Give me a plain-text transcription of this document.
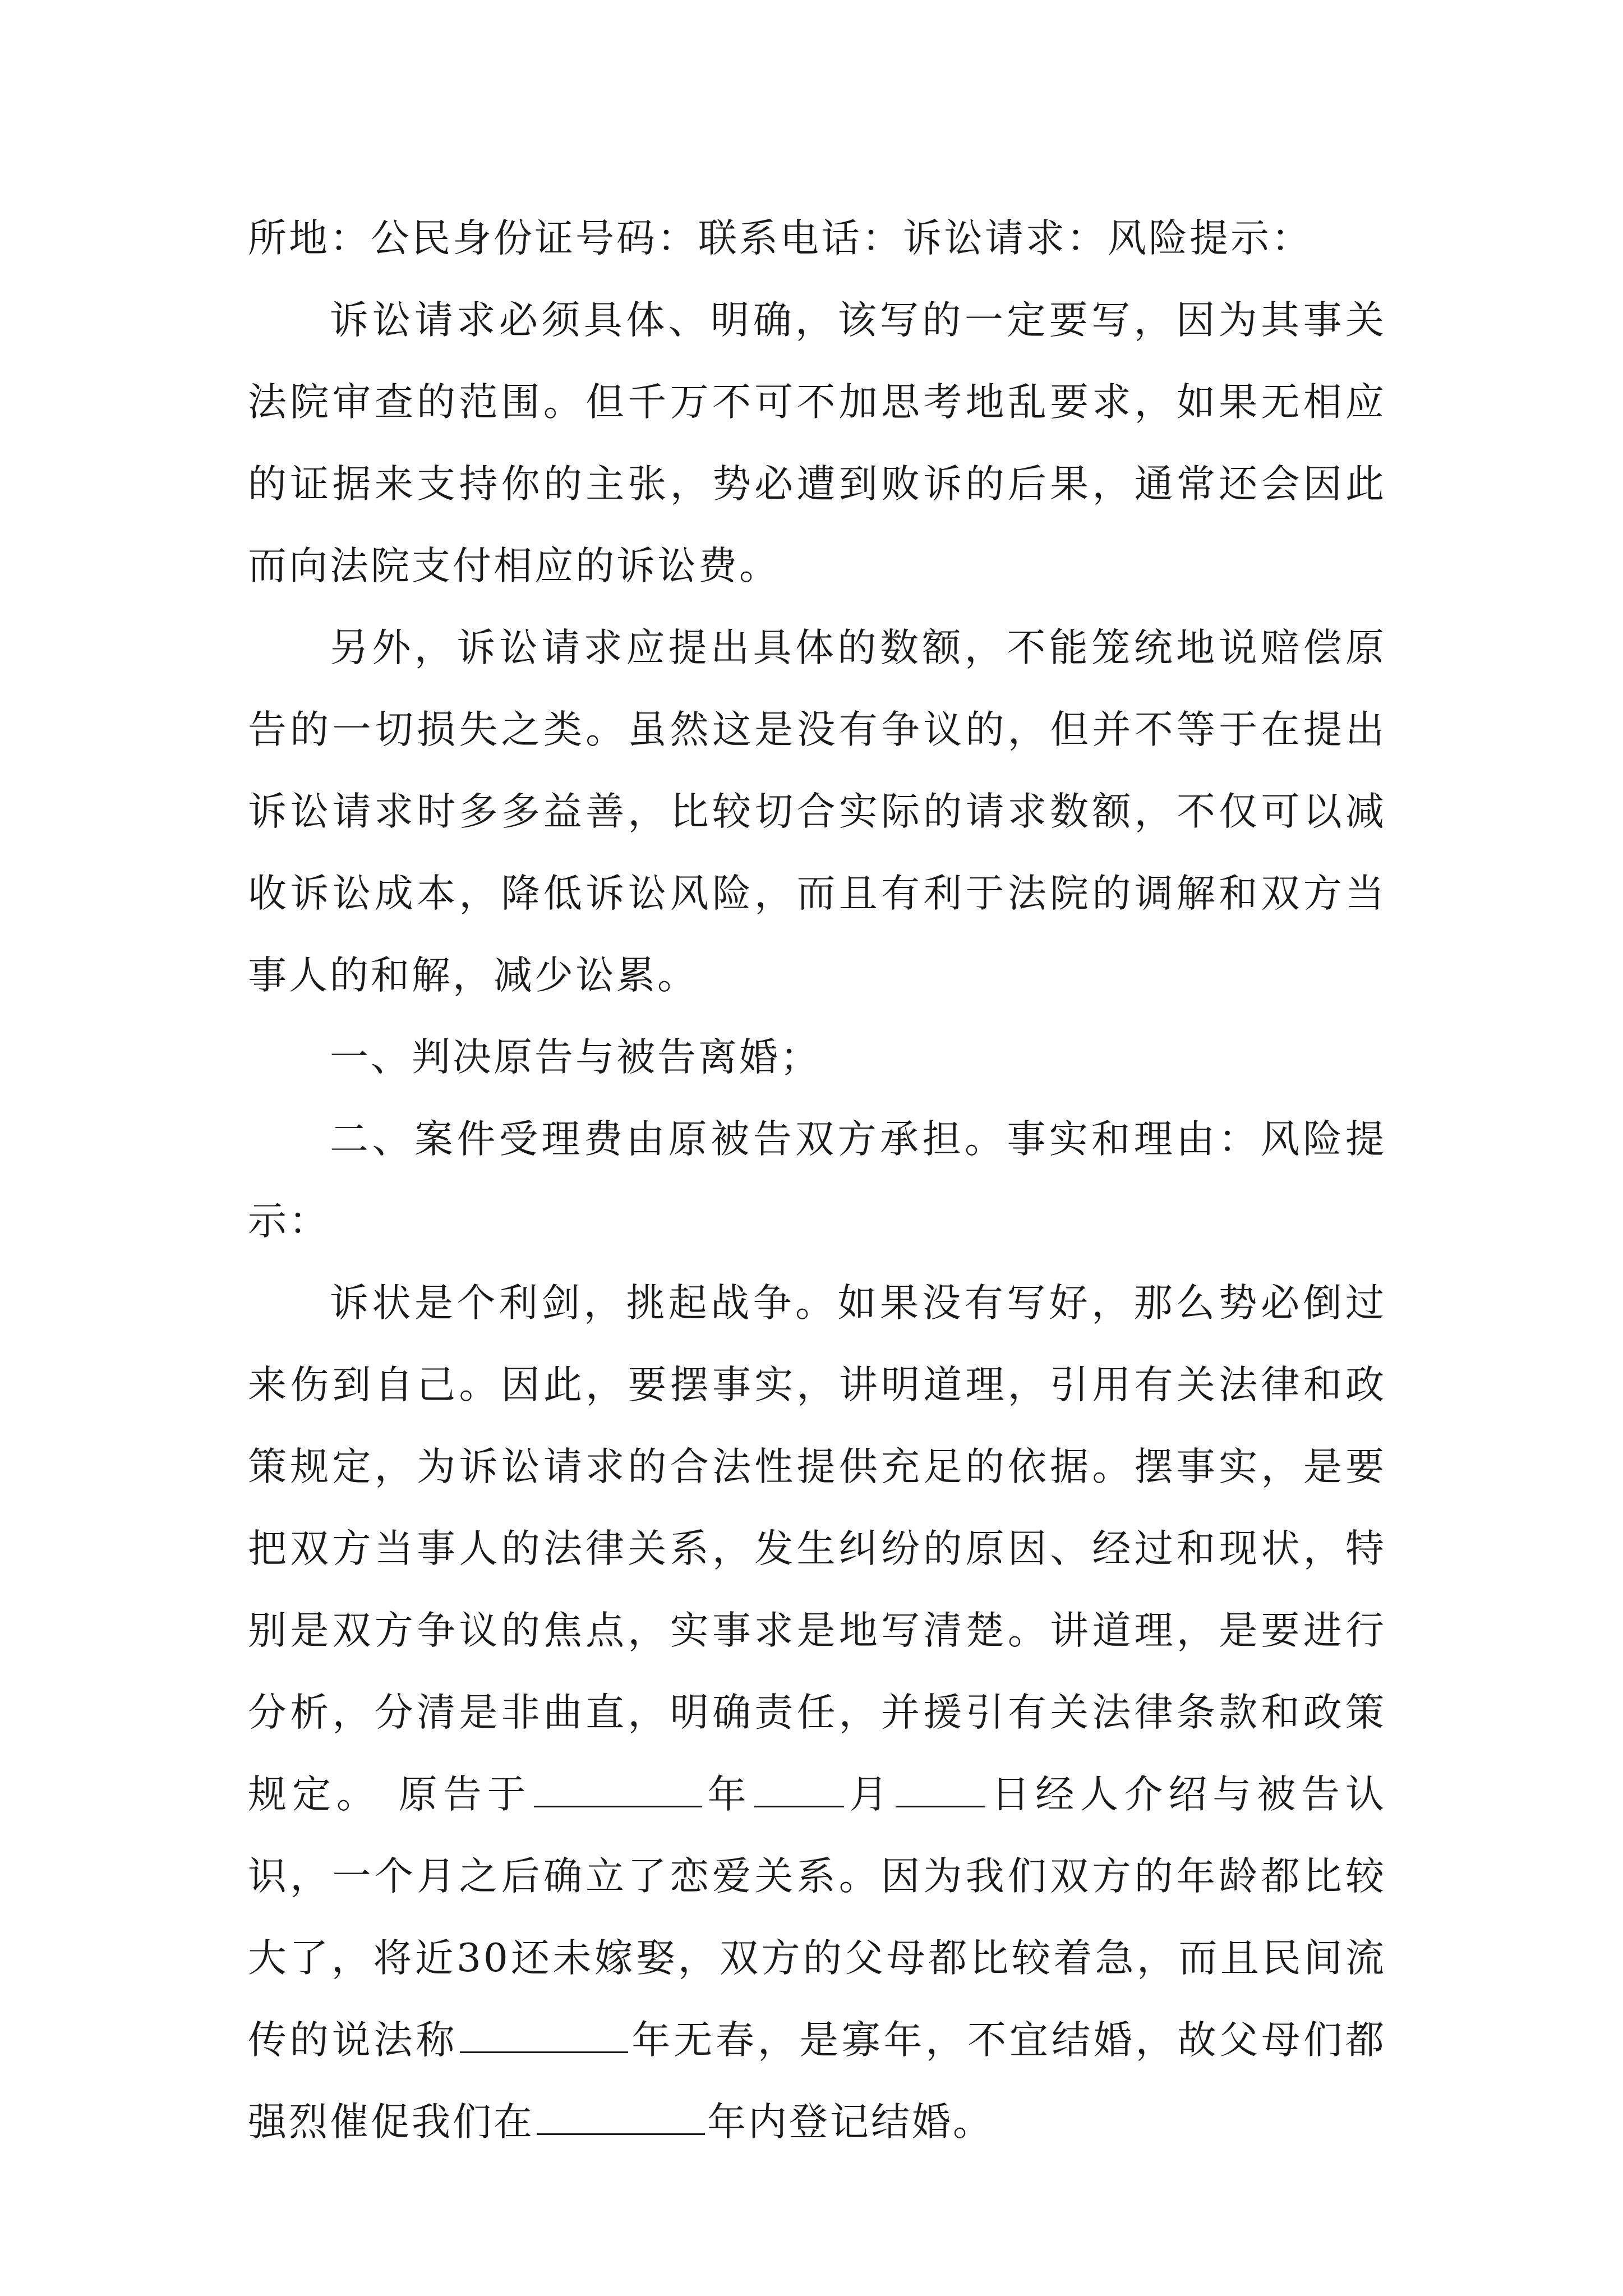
所地：公民身份证号码：联系电话：诉讼请求：风险提示：

诉讼请求必须具体、明确，该写的一定要写，因为其事关法院审查的范围。但千万不可不加思考地乱要求，如果无相应的证据来支持你的主张，势必遭到败诉的后果，通常还会因此而向法院支付相应的诉讼费。

另外，诉讼请求应提出具体的数额，不能笼统地说赔偿原告的一切损失之类。虽然这是没有争议的，但并不等于在提出诉讼请求时多多益善，比较切合实际的请求数额，不仅可以减收诉讼成本，降低诉讼风险，而且有利于法院的调解和双方当事人的和解，减少讼累。

一、判决原告与被告离婚；

二、案件受理费由原被告双方承担。事实和理由：风险提示：

诉状是个利剑，挑起战争。如果没有写好，那么势必倒过来伤到自己。因此，要摆事实，讲明道理，引用有关法律和政策规定，为诉讼请求的合法性提供充足的依据。摆事实，是要把双方当事人的法律关系，发生纠纷的原因、经过和现状，特别是双方争议的焦点，实事求是地写清楚。讲道理，是要进行分析，分清是非曲直，明确责任，并援引有关法律条款和政策规定。 原告于	年 月 日经人介绍与被告认识，一个月之后确立了恋爱关系。因为我们双方的年龄都比较大了，将近30还未嫁娶，双方的父母都比较着急，而且民间流传的说法称	年无春，是寡年，不宜结婚，故父母们都强烈催促我们在	年内登记结婚。
